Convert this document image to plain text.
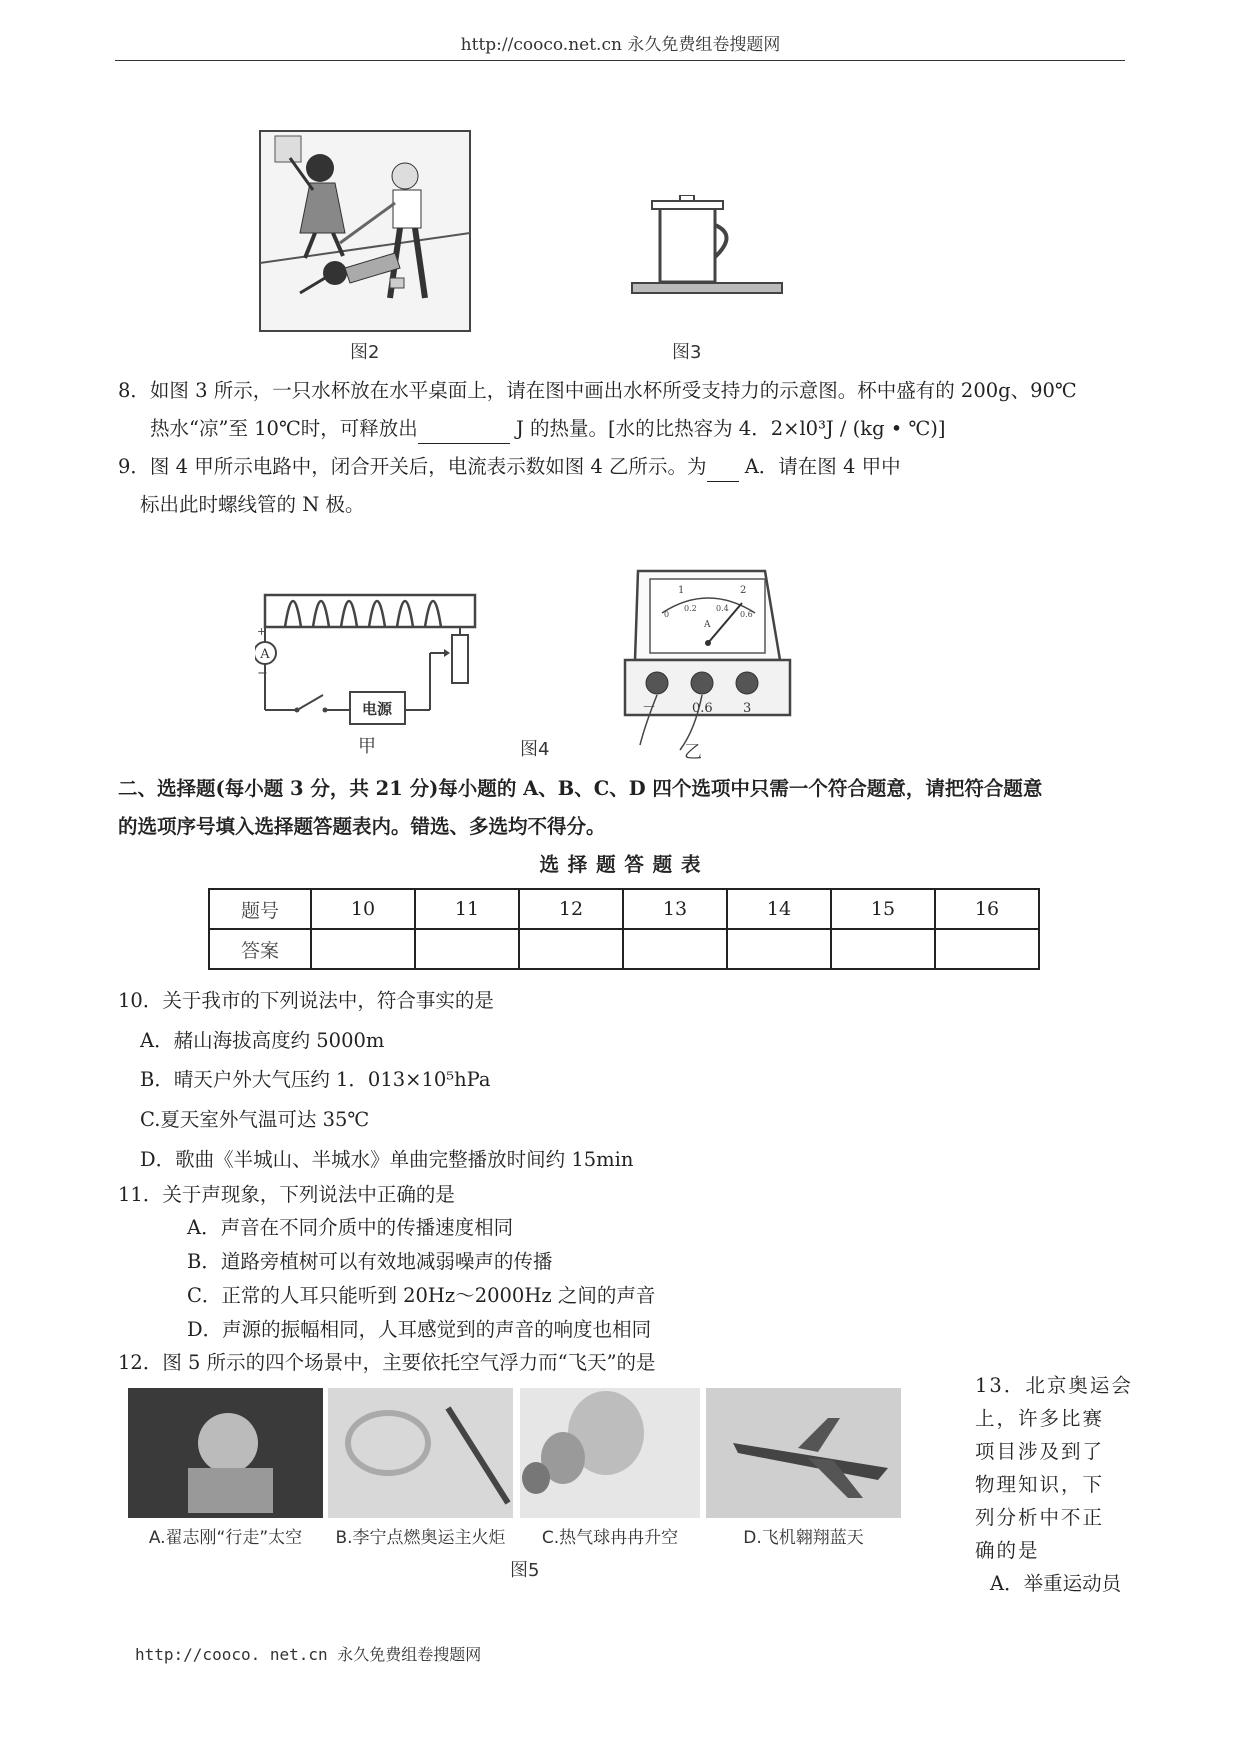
http://cooco.net.cn 永久免费组卷搜题网
图2	图3
8．如图 3 所示，一只水杯放在水平桌面上，请在图中画出水杯所受支持力的示意图。杯中盛有的 200g、90℃
热水“凉”至 10℃时，可释放出	J 的热量。[水的比热容为 4．2×l0³J / (kg • ℃)]
9．图 4 甲所示电路中，闭合开关后，电流表示数如图 4 乙所示。为  A．请在图 4 甲中
标出此时螺线管的 N 极。
+
−
A
电源
甲	图4
1	2
0
0.2 0.4
0.6
A
－	0.6 3
乙
二、选择题(每小题 3 分，共 21 分)每小题的 A、B、C、D 四个选项中只需一个符合题意，请把符合题意
的选项序号填入选择题答题表内。错选、多选均不得分。
选 择 题 答 题 表
题号	10	11	12	13	14	15	16
答案							
10．关于我市的下列说法中，符合事实的是
A．赭山海拔高度约 5000m
B．晴天户外大气压约 1．013×10⁵hPa
C.夏天室外气温可达 35℃
D．歌曲《半城山、半城水》单曲完整播放时间约 15min
11．关于声现象，下列说法中正确的是
A．声音在不同介质中的传播速度相同
B．道路旁植树可以有效地减弱噪声的传播
C．正常的人耳只能听到 20Hz～2000Hz 之间的声音
D．声源的振幅相同，人耳感觉到的声音的响度也相同
12．图 5 所示的四个场景中，主要依托空气浮力而“飞天”的是
A.翟志刚“行走”太空	B.李宁点燃奥运主火炬	C.热气球冉冉升空	D.飞机翱翔蓝天
图5
13．北京奥运会
上，许多比赛
项目涉及到了
物理知识，下
列分析中不正
确的是
A．举重运动员
http://cooco. net.cn 永久免费组卷搜题网
